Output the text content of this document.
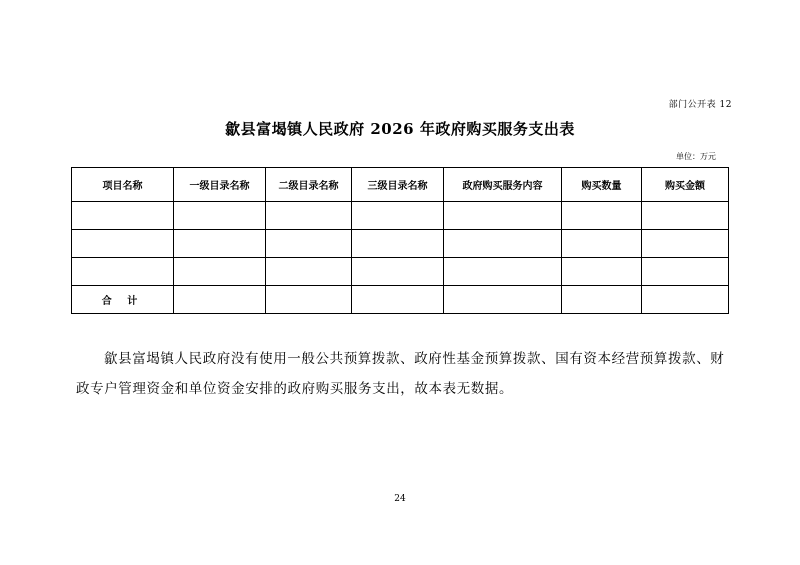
部门公开表 12
歙县富堨镇人民政府 2026 年政府购买服务支出表
单位：万元
项目名称	一级目录名称	二级目录名称	三级目录名称	政府购买服务内容	购买数量	购买金额

合 计						
歙县富堨镇人民政府没有使用一般公共预算拨款、政府性基金预算拨款、国有资本经营预算拨款、财政专户管理资金和单位资金安排的政府购买服务支出，故本表无数据。
24
